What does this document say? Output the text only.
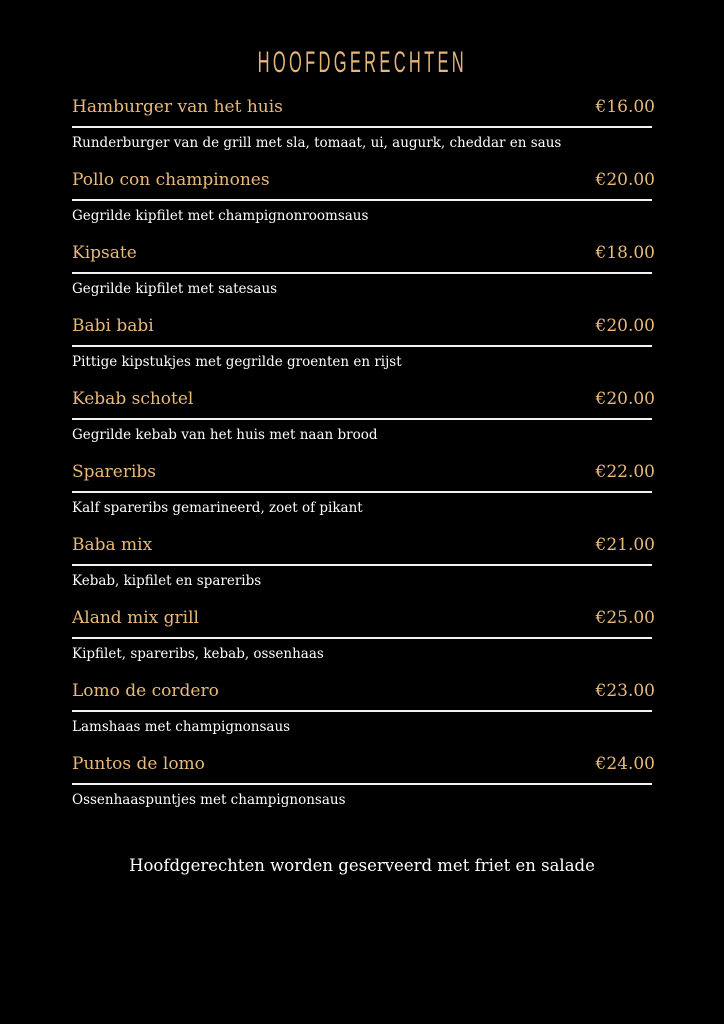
HOOFDGERECHTEN
Hamburger van het huis	€16.00
Runderburger van de grill met sla, tomaat, ui, augurk, cheddar en saus
Pollo con champinones	€20.00
Gegrilde kipfilet met champignonroomsaus
Kipsate	€18.00
Gegrilde kipfilet met satesaus
Babi babi	€20.00
Pittige kipstukjes met gegrilde groenten en rijst
Kebab schotel	€20.00
Gegrilde kebab van het huis met naan brood
Spareribs	€22.00
Kalf spareribs gemarineerd, zoet of pikant
Baba mix	€21.00
Kebab, kipfilet en spareribs
Aland mix grill	€25.00
Kipfilet, spareribs, kebab, ossenhaas
Lomo de cordero	€23.00
Lamshaas met champignonsaus
Puntos de lomo	€24.00
Ossenhaaspuntjes met champignonsaus
Hoofdgerechten worden geserveerd met friet en salade
